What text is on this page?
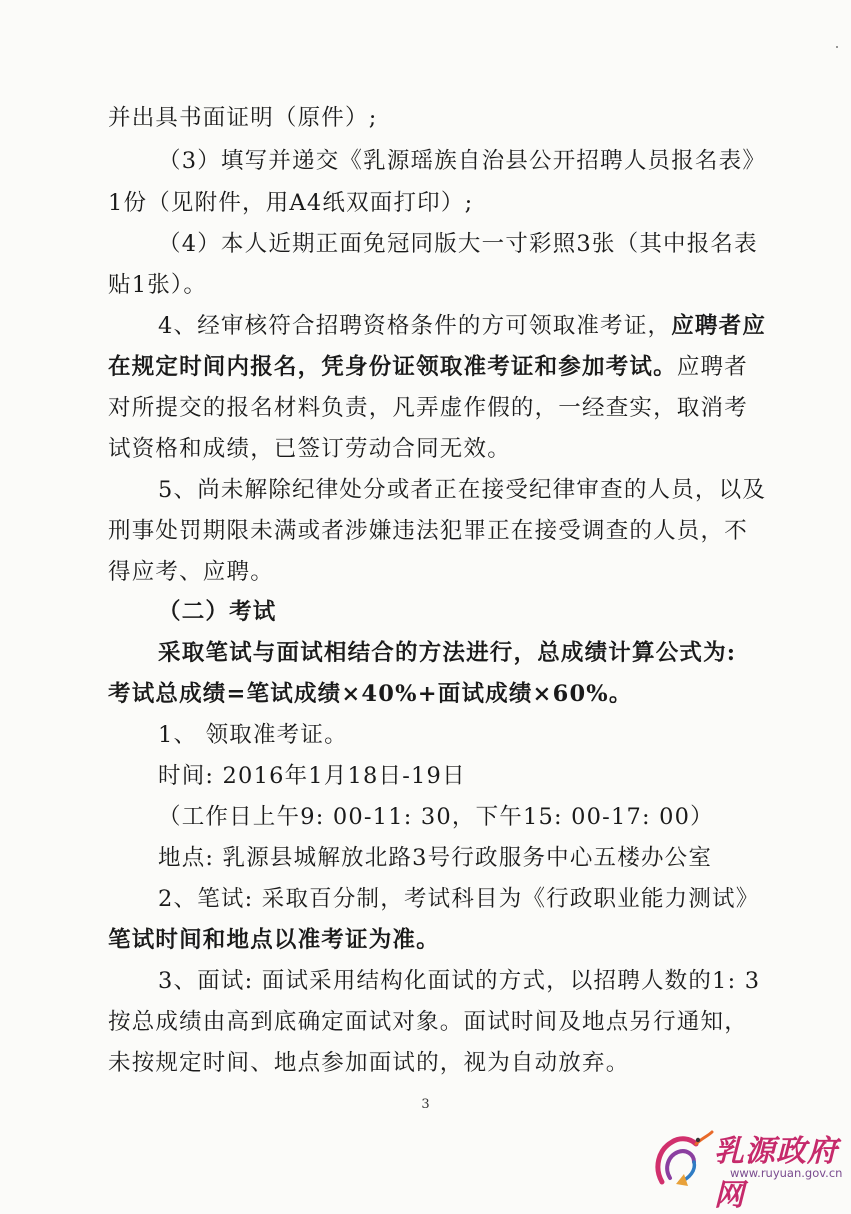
并出具书面证明（原件）;
（3）填写并递交《乳源瑶族自治县公开招聘人员报名表》
1份（见附件，用A4纸双面打印）;
（4）本人近期正面免冠同版大一寸彩照3张（其中报名表
贴1张）。
4、经审核符合招聘资格条件的方可领取准考证，应聘者应
在规定时间内报名，凭身份证领取准考证和参加考试。应聘者
对所提交的报名材料负责，凡弄虚作假的，一经查实，取消考
试资格和成绩，已签订劳动合同无效。
5、尚未解除纪律处分或者正在接受纪律审查的人员，以及
刑事处罚期限未满或者涉嫌违法犯罪正在接受调查的人员，不
得应考、应聘。
（二）考试
采取笔试与面试相结合的方法进行，总成绩计算公式为:
考试总成绩=笔试成绩×40%+面试成绩×60%。
1、 领取准考证。
时间: 2016年1月18日-19日
（工作日上午9: 00-11: 30，下午15: 00-17: 00）
地点: 乳源县城解放北路3号行政服务中心五楼办公室
2、笔试: 采取百分制，考试科目为《行政职业能力测试》
笔试时间和地点以准考证为准。
3、面试: 面试采用结构化面试的方式，以招聘人数的1: 3
按总成绩由高到底确定面试对象。面试时间及地点另行通知，
未按规定时间、地点参加面试的，视为自动放弃。
3
乳源政府网
www.ruyuan.gov.cn
